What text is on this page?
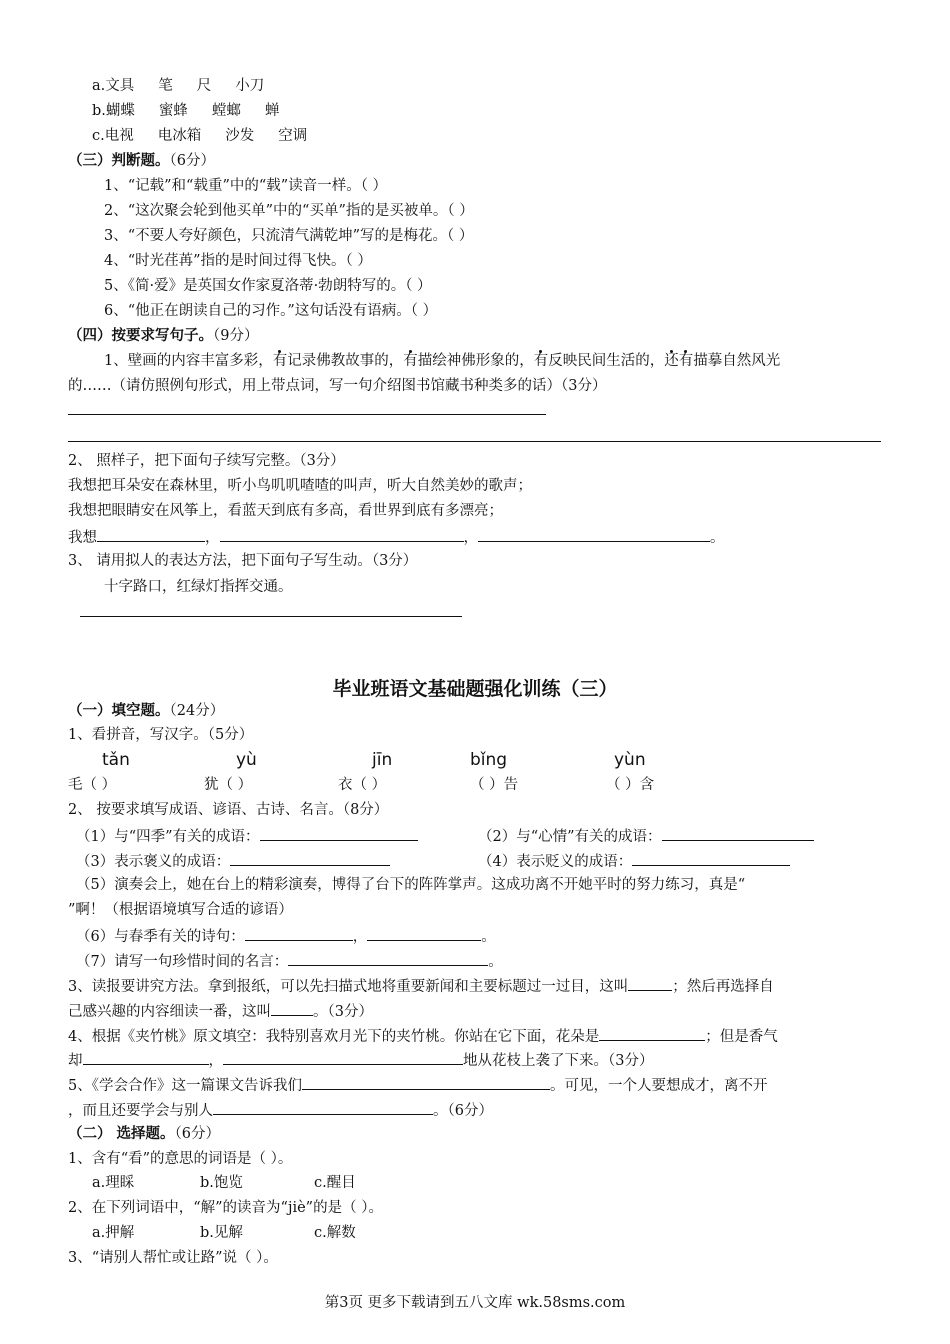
a.文具 笔 尺 小刀
b.蝴蝶 蜜蜂 螳螂 蝉
c.电视 电冰箱 沙发 空调
（三）判断题。（6分）
1、“记载”和“载重”中的“载”读音一样。（ ）
2、“这次聚会轮到他买单”中的“买单”指的是买被单。（ ）
3、“不要人夸好颜色，只流清气满乾坤”写的是梅花。（ ）
4、“时光荏苒”指的是时间过得飞快。（ ）
5、《简·爱》是英国女作家夏洛蒂·勃朗特写的。（ ）
6、“他正在朗读自己的习作。”这句话没有语病。（ ）
（四）按要求写句子。（9分）
1、壁画的内容丰富多彩，有记录佛教故事的，有描绘神佛形象的，有反映民间生活的，还有描摹自然风光
的……（请仿照例句形式，用上带点词，写一句介绍图书馆藏书种类多的话）（3分）
2、 照样子，把下面句子续写完整。（3分）
我想把耳朵安在森林里，听小鸟叽叽喳喳的叫声，听大自然美妙的歌声；
我想把眼睛安在风筝上，看蓝天到底有多高，看世界到底有多漂亮；
我想	，	，	。
3、 请用拟人的表达方法，把下面句子写生动。（3分）
十字路口，红绿灯指挥交通。
毕业班语文基础题强化训练（三）
（一）填空题。（24分）
1、看拼音，写汉字。（5分）
tǎn	yù	jīn	bǐng	yùn
毛（ ）	犹（ ）	衣（ ）	（ ）告	（ ）含
2、 按要求填写成语、谚语、古诗、名言。（8分）
（1）与“四季”有关的成语：	（2）与“心情”有关的成语：
（3）表示褒义的成语：	（4）表示贬义的成语：
（5）演奏会上，她在台上的精彩演奏，博得了台下的阵阵掌声。这成功离不开她平时的努力练习，真是“
”啊！（根据语境填写合适的谚语）
（6）与春季有关的诗句：	，	。
（7）请写一句珍惜时间的名言：	。
3、读报要讲究方法。拿到报纸，可以先扫描式地将重要新闻和主要标题过一过目，这叫	；然后再选择自
己感兴趣的内容细读一番，这叫	。（3分）
4、根据《夹竹桃》原文填空：我特别喜欢月光下的夹竹桃。你站在它下面，花朵是	；但是香气
却	，	地从花枝上袭了下来。（3分）
5、《学会合作》这一篇课文告诉我们	。可见，一个人要想成才，离不开
，而且还要学会与别人	。（6分）
（二） 选择题。（6分）
1、含有“看”的意思的词语是（ ）。
a.理睬	b.饱览	c.醒目
2、在下列词语中，“解”的读音为“jiè”的是（ ）。
a.押解	b.见解	c.解数
3、“请别人帮忙或让路”说（ ）。
第3页 更多下载请到五八文库 wk.58sms.com
